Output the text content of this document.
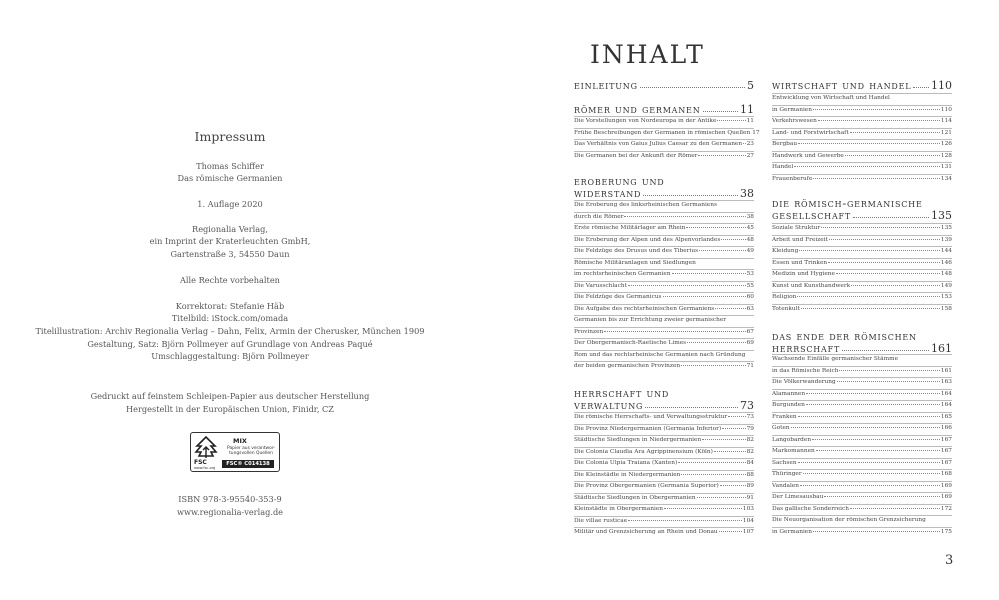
Impressum
Thomas Schiffer
Das römische Germanien
1. Auflage 2020
Regionalia Verlag,
ein Imprint der Kraterleuchten GmbH,
Gartenstraße 3, 54550 Daun
Alle Rechte vorbehalten
Korrektorat: Stefanie Häb
Titelbild: iStock.com/omada
Titelillustration: Archiv Regionalia Verlag – Dahn, Felix, Armin der Cherusker, München 1909
Gestaltung, Satz: Björn Pollmeyer auf Grundlage von Andreas Paqué
Umschlaggestaltung: Björn Pollmeyer
Gedruckt auf feinstem Schleipen-Papier aus deutscher Herstellung
Hergestellt in der Europäischen Union, Finidr, CZ
FSC
www.fsc.org
MIX
Papier aus verantwor-
tungsvollen Quellen
FSC® C014138
ISBN 978-3-95540-353-9
www.regionalia-verlag.de
INHALT
einleitung	5
römer und germanen	11
Die Vorstellungen von Nordeuropa in der Antike	11
Frühe Beschreibungen der Germanen in römischen Quellen 17
Das Verhältnis von Gaius Julius Caesar zu den Germanen 23
Die Germanen bei der Ankunft der Römer	27
eroberung und
widerstand	38
Die Eroberung des linksrheinischen Germaniens
durch die Römer	38
Erste römische Militärlager am Rhein	45
Die Eroberung der Alpen und des Alpenvorlandes	48
Die Feldzüge des Drusus und des Tiberius	49
Römische Militäranlagen und Siedlungen
im rechtsrheinischen Germanien	53
Die Varusschlacht	55
Die Feldzüge des Germanicus	60
Die Aufgabe des rechtsrheinischen Germaniens	63
Germanien bis zur Errichtung zweier germanischer
Provinzen	67
Der Obergermanisch-Raetische Limes	69
Rom und das rechtsrheinische Germanien nach Gründung
der beiden germanischen Provinzen	71
herrschaft und
verwaltung	73
Die römische Herrschafts- und Verwaltungsstruktur	73
Die Provinz Niedergermanien (Germania Inferior)	79
Städtische Siedlungen in Niedergermanien	82
Die Colonia Claudia Ara Agrippinensium (Köln)	82
Die Colonia Ulpia Traiana (Xanten)	84
Die Kleinstädte in Niedergermanien	88
Die Provinz Obergermanien (Germania Superior)	89
Städtische Siedlungen in Obergermanien	91
Kleinstädte in Obergermanien	103
Die villae rusticae	104
Militär und Grenzsicherung an Rhein und Donau	107
wirtschaft und handel 110
Entwicklung von Wirtschaft und Handel
in Germanien	110
Verkehrswesen	114
Land- und Forstwirtschaft	121
Bergbau	126
Handwerk und Gewerbe	128
Handel	131
Frauenberufe	134
die römisch-germanische
gesellschaft	135
Soziale Struktur	135
Arbeit und Freizeit	139
Kleidung	144
Essen und Trinken	146
Medizin und Hygiene	148
Kunst und Kunsthandwerk	149
Religion	153
Totenkult	158
das ende der römischen
herrschaft	161
Wachsende Einfälle germanischer Stämme
in das Römische Reich	161
Die Völkerwanderung	163
Alamannen	164
Burgunden	164
Franken	165
Goten	166
Langobarden	167
Markomannen	167
Sachsen	167
Thüringer	168
Vandalen	169
Der Limesausbau	169
Das gallische Sonderreich	172
Die Neuorganisation der römischen Grenzsicherung
in Germanien	175
3
